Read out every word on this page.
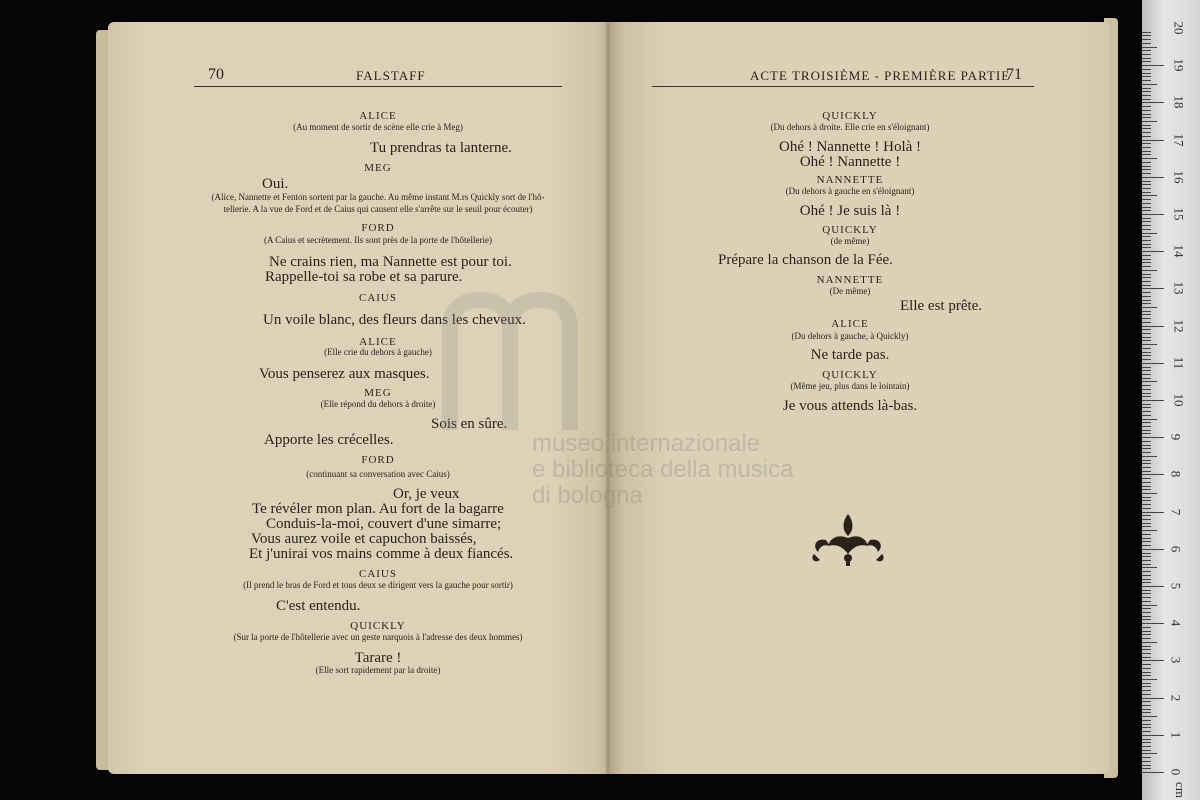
70	FALSTAFF
ALICE
(Au moment de sortir de scène elle crie à Meg)
Tu prendras ta lanterne.
MEG
Oui.
(Alice, Nannette et Fenton sortent par la gauche. Au même instant M.rs Quickly sort de l'hô-
tellerie. A la vue de Ford et de Caius qui causent elle s'arrête sur le seuil pour écouter)
FORD
(A Caius et secrètement. Ils sont près de la porte de l'hôtellerie)
Ne crains rien, ma Nannette est pour toi.
Rappelle-toi sa robe et sa parure.
CAIUS
Un voile blanc, des fleurs dans les cheveux.
ALICE
(Elle crie du dehors à gauche)
Vous penserez aux masques.
MEG
(Elle répond du dehors à droite)
Sois en sûre.
Apporte les crécelles.
FORD
(continuant sa conversation avec Caius)
Or, je veux
Te révéler mon plan. Au fort de la bagarre
Conduis-la-moi, couvert d'une simarre;
Vous aurez voile et capuchon baissés,
Et j'unirai vos mains comme à deux fiancés.
CAIUS
(Il prend le bras de Ford et tous deux se dirigent vers la gauche pour sortir)
C'est entendu.
QUICKLY
(Sur la porte de l'hôtellerie avec un geste narquois à l'adresse des deux hommes)
Tarare !
(Elle sort rapidement par la droite)
ACTE TROISIÈME - PREMIÈRE PARTIE
71
QUICKLY
(Du dehors à droite. Elle crie en s'éloignant)
Ohé ! Nannette ! Holà !
Ohé ! Nannette !
NANNETTE
(Du dehors à gauche en s'éloignant)
Ohé ! Je suis là !
QUICKLY
(de même)
Prépare la chanson de la Fée.
NANNETTE
(De même)
Elle est prête.
ALICE
(Du dehors à gauche, à Quickly)
Ne tarde pas.
QUICKLY
(Même jeu, plus dans le lointain)
Je vous attends là-bas.
museo internazionale
e biblioteca della musica
di bologna
0
1
2
3
4
5
6
7
8
9
10
11
12
13
14
15
16
17
18
19
20
cm
